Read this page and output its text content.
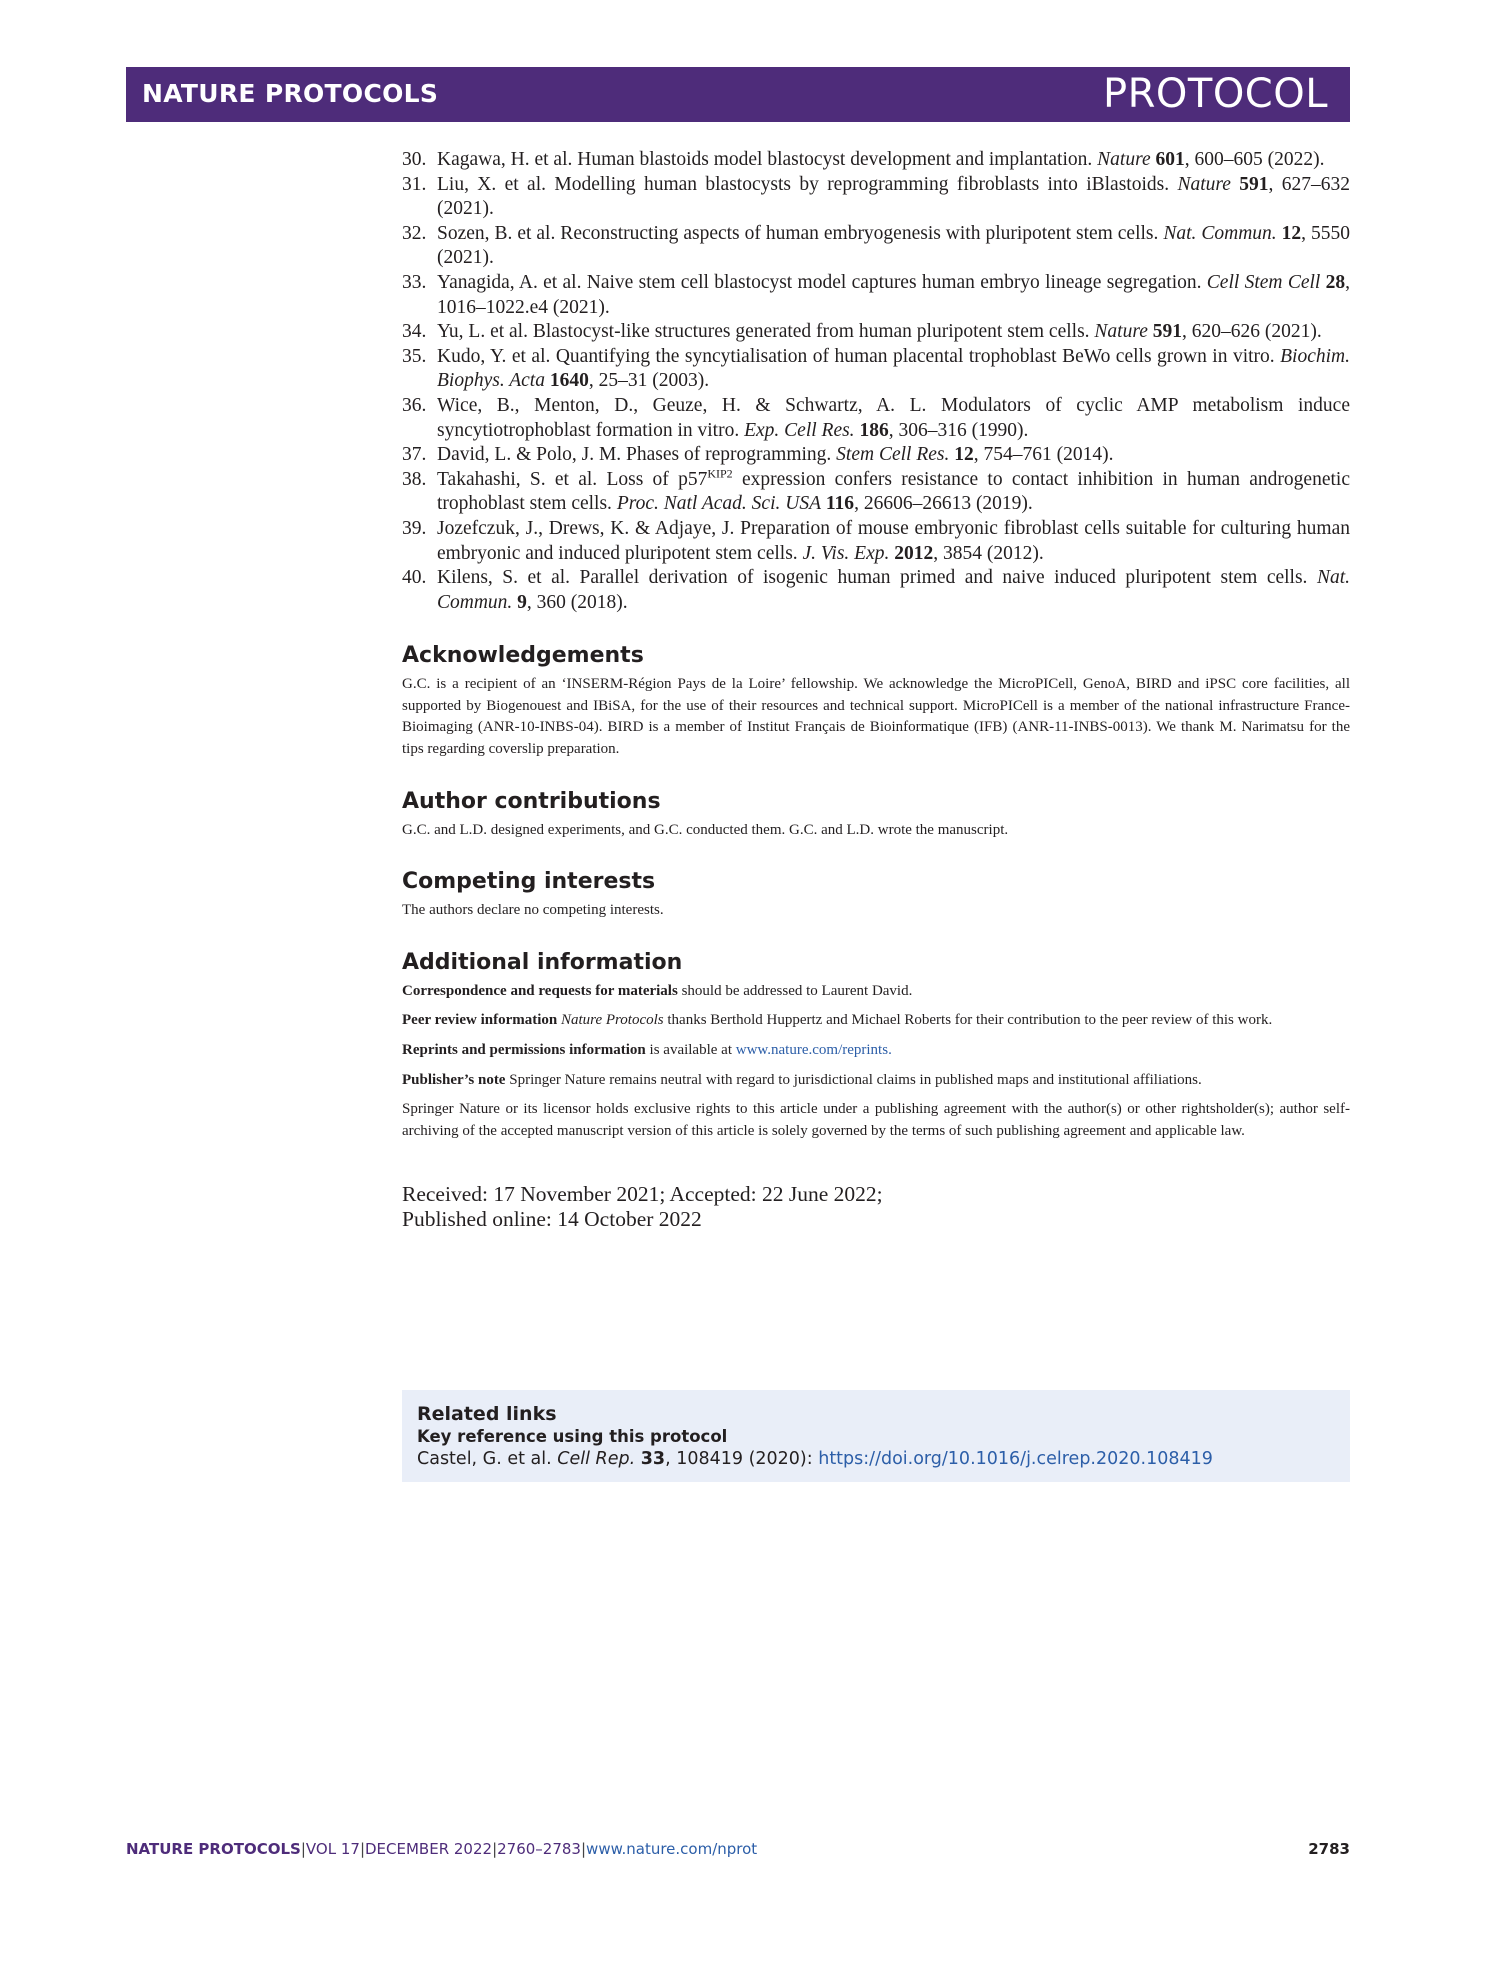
NATURE PROTOCOLS	PROTOCOL
30. Kagawa, H. et al. Human blastoids model blastocyst development and implantation. Nature 601, 600–605 (2022).
31. Liu, X. et al. Modelling human blastocysts by reprogramming fibroblasts into iBlastoids. Nature 591, 627–632 (2021).
32. Sozen, B. et al. Reconstructing aspects of human embryogenesis with pluripotent stem cells. Nat. Commun. 12, 5550 (2021).
33. Yanagida, A. et al. Naive stem cell blastocyst model captures human embryo lineage segregation. Cell Stem Cell 28, 1016–1022.e4 (2021).
34. Yu, L. et al. Blastocyst-like structures generated from human pluripotent stem cells. Nature 591, 620–626 (2021).
35. Kudo, Y. et al. Quantifying the syncytialisation of human placental trophoblast BeWo cells grown in vitro. Biochim. Biophys. Acta 1640, 25–31 (2003).
36. Wice, B., Menton, D., Geuze, H. & Schwartz, A. L. Modulators of cyclic AMP metabolism induce syncytiotrophoblast formation in vitro. Exp. Cell Res. 186, 306–316 (1990).
37. David, L. & Polo, J. M. Phases of reprogramming. Stem Cell Res. 12, 754–761 (2014).
38. Takahashi, S. et al. Loss of $p57^{KIP2}$ expression confers resistance to contact inhibition in human androgenetic trophoblast stem cells. Proc. Natl Acad. Sci. USA 116, 26606–26613 (2019).
39. Jozefczuk, J., Drews, K. & Adjaye, J. Preparation of mouse embryonic fibroblast cells suitable for culturing human embryonic and induced pluripotent stem cells. J. Vis. Exp. 2012, 3854 (2012).
40. Kilens, S. et al. Parallel derivation of isogenic human primed and naive induced pluripotent stem cells. Nat. Commun. 9, 360 (2018).
Acknowledgements

G.C. is a recipient of an ‘INSERM-Région Pays de la Loire’ fellowship. We acknowledge the MicroPICell, GenoA, BIRD and iPSC core facilities, all supported by Biogenouest and IBiSA, for the use of their resources and technical support. MicroPICell is a member of the national infrastructure France-Bioimaging (ANR-10-INBS-04). BIRD is a member of Institut Français de Bioinformatique (IFB) (ANR-11-INBS-0013). We thank M. Narimatsu for the tips regarding coverslip preparation.

Author contributions

G.C. and L.D. designed experiments, and G.C. conducted them. G.C. and L.D. wrote the manuscript.

Competing interests

The authors declare no competing interests.

Additional information

Correspondence and requests for materials should be addressed to Laurent David.

Peer review information Nature Protocols thanks Berthold Huppertz and Michael Roberts for their contribution to the peer review of this work.

Reprints and permissions information is available at www.nature.com/reprints.

Publisher’s note Springer Nature remains neutral with regard to jurisdictional claims in published maps and institutional affiliations.

Springer Nature or its licensor holds exclusive rights to this article under a publishing agreement with the author(s) or other rightsholder(s); author self-archiving of the accepted manuscript version of this article is solely governed by the terms of such publishing agreement and applicable law.

Received: 17 November 2021; Accepted: 22 June 2022;
Published online: 14 October 2022
Related links
Key reference using this protocol
Castel, G. et al. Cell Rep. 33, 108419 (2020): https://doi.org/10.1016/j.celrep.2020.108419
NATURE PROTOCOLS|VOL 17|DECEMBER 2022|2760–2783|www.nature.com/nprot	2783
